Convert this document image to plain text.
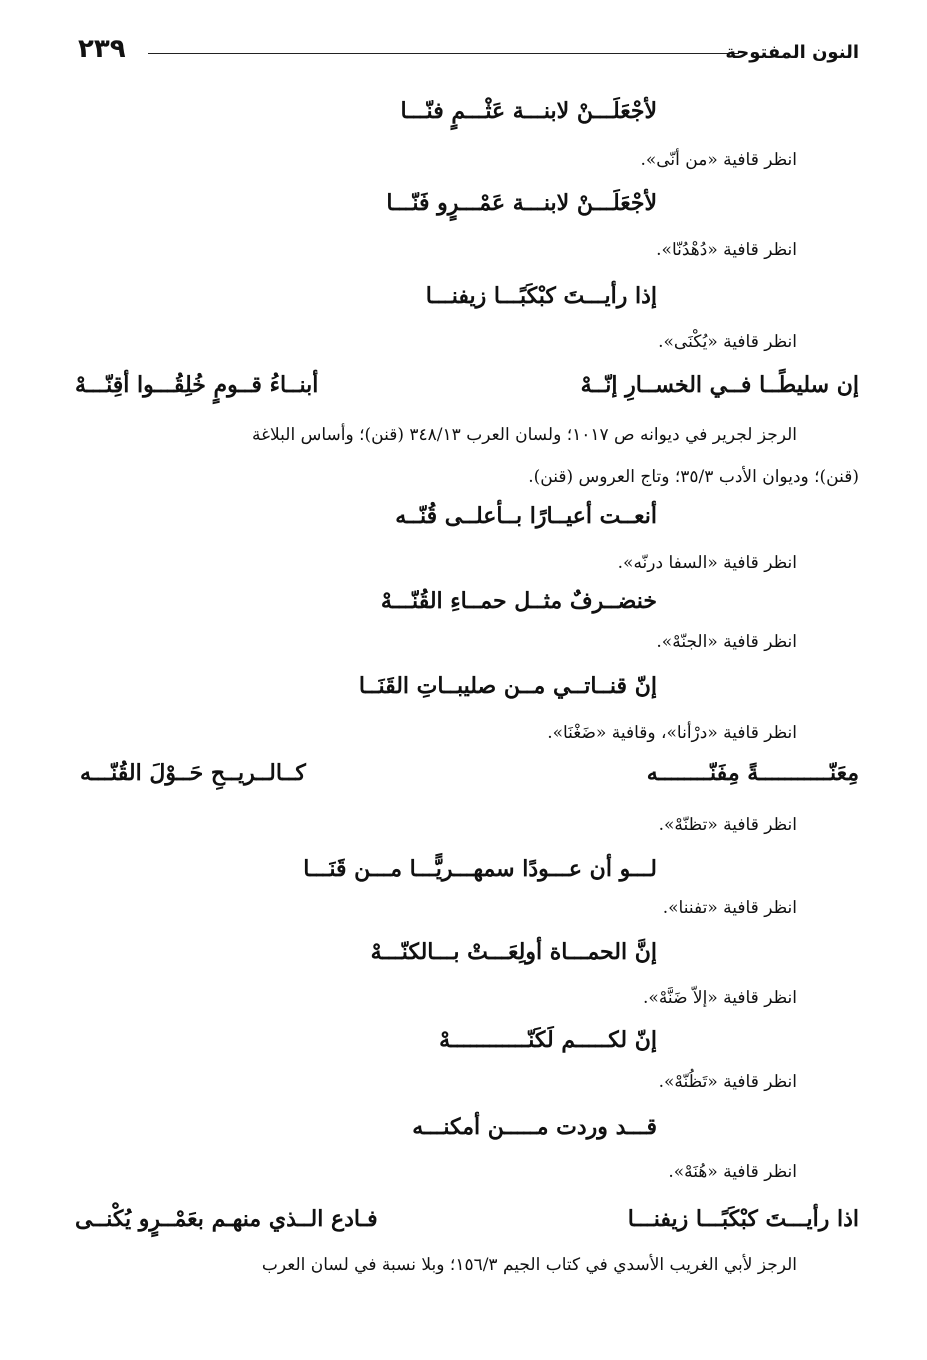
٢٣٩	النون المفتوحة
لأجْعَلَـــنْ لابنـــة عَثْـــمٍ فنّـــا
انظر قافية «من أنّى».
لأجْعَلَـــنْ لابنـــة عَمْـــرٍو فَنّـــا
انظر قافية «دُهْدُنّا».
إذا رأيـــتَ كبْكَبًـــا زيفنـــا
انظر قافية «يُكْنَى».
إن سليطًــا فــي الخســارِ إنّــهْ
أبنــاءُ قــومٍ خُلِقُـــوا أقِنّـــهْ
الرجز لجرير في ديوانه ص ١٠١٧؛ ولسان العرب ٣٤٨/١٣ (قنن)؛ وأساس البلاغة
(قنن)؛ وديوان الأدب ٣٥/٣؛ وتاج العروس (قنن).
أنعــت أعيــارًا بــأعلــى قُنّــه
انظر قافية «السفا درنّه».
خنضــرفٌ مثــل حمــاءِ القُنّـــهْ
انظر قافية «الجنّهْ».
إنّ قنــاتــي مــن صليبــاتِ القَنَــا
انظر قافية «درْأنا»، وقافية «ضَغْنَا».
مِعَنّـــــــــــةً مِفَنّــــــــه
كــالــريــحِ حَــوْلَ القُنّـــه
انظر قافية «تظنّهْ».
لـــو أن عـــودًا سمهـــريًّـــا مـــن قَنَـــا
انظر قافية «تفننا».
إنَّ الحمـــاة أولِعَـــتْ بـــالكنّـــهْ
انظر قافية «إلاّ ضَنَّهْ».
إنّ لكـــــم لَكَنّــــــــــــهْ
انظر قافية «تَظُنّهْ».
قـــد وردت مـــــن أمكنـــه
انظر قافية «هُنَهْ».
اذا رأيـــتَ كبْكَبًـــا زيفنـــا
فـادع الــذي منهـم بعَمْــرٍو يُكْنــى
الرجز لأبي الغريب الأسدي في كتاب الجيم ١٥٦/٣؛ وبلا نسبة في لسان العرب
